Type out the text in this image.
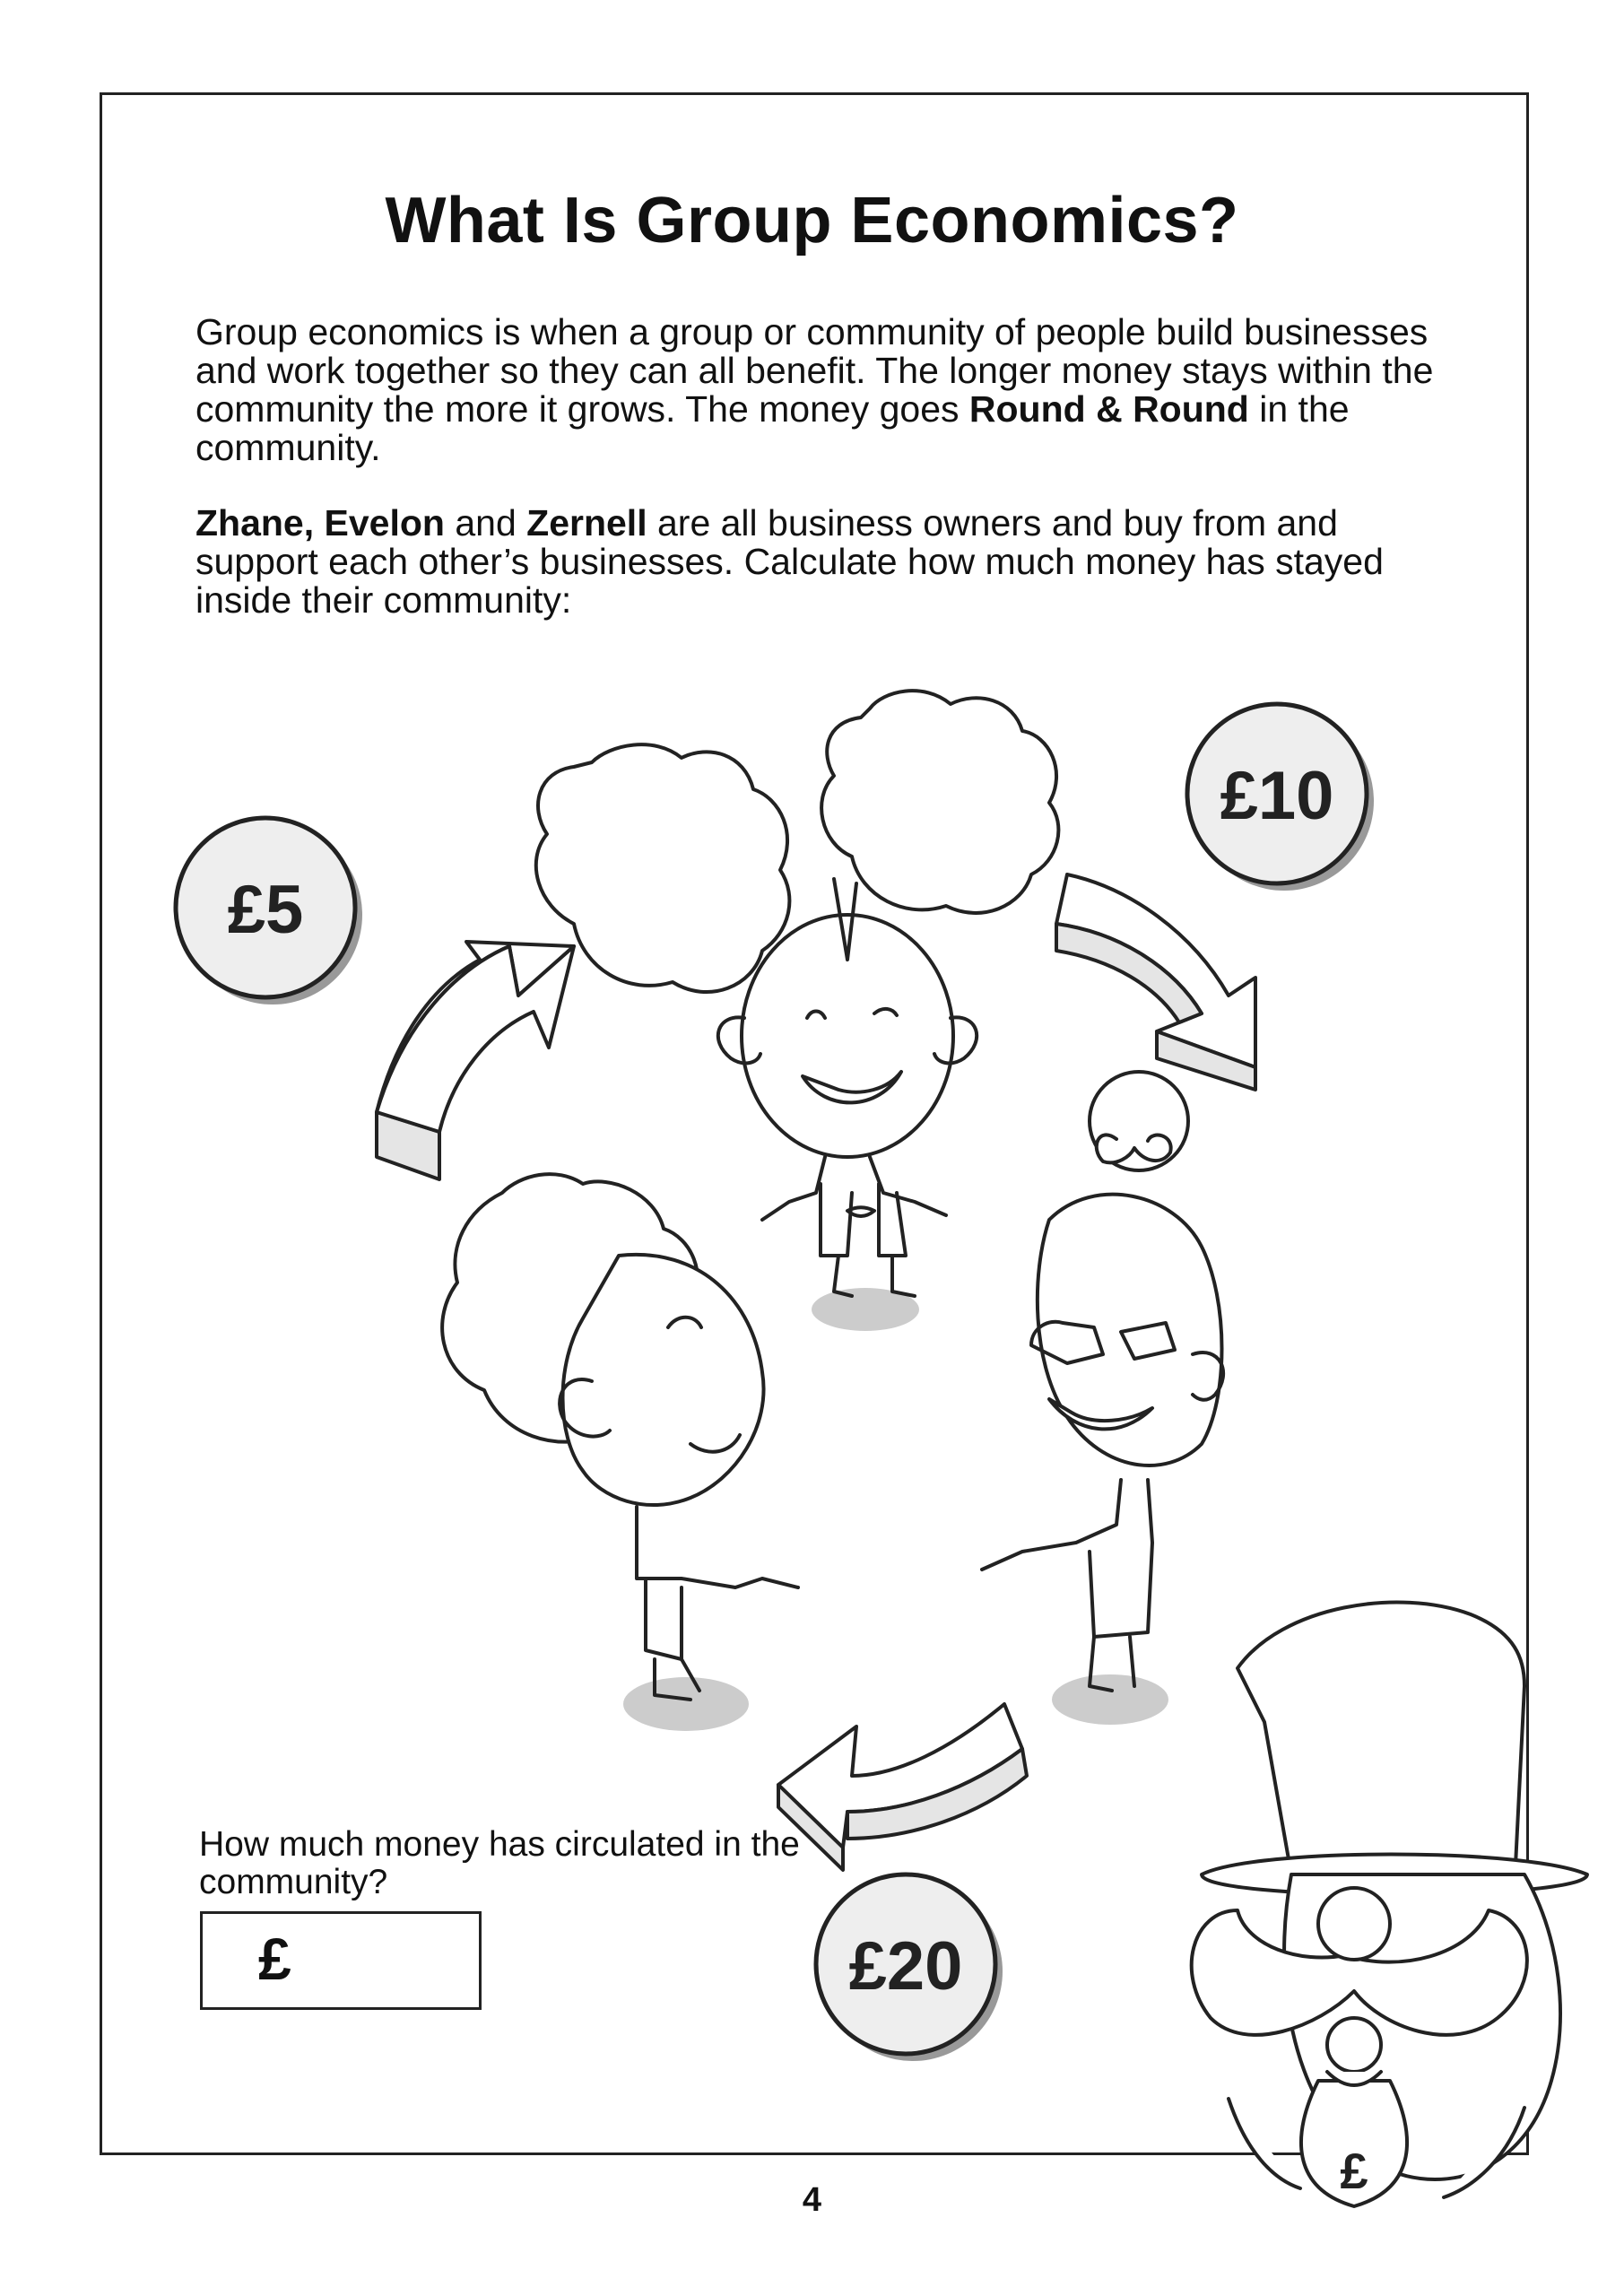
What Is Group Economics?

Group economics is when a group or community of people build businesses and work together so they can all benefit. The longer money stays within the community the more it grows. The money goes Round & Round in the community.

Zhane, Evelon and Zernell are all business owners and buy from and support each other’s businesses. Calculate how much money has stayed inside their community:

£5
£10
£20
£

How much money has circulated in the community?

£
4
